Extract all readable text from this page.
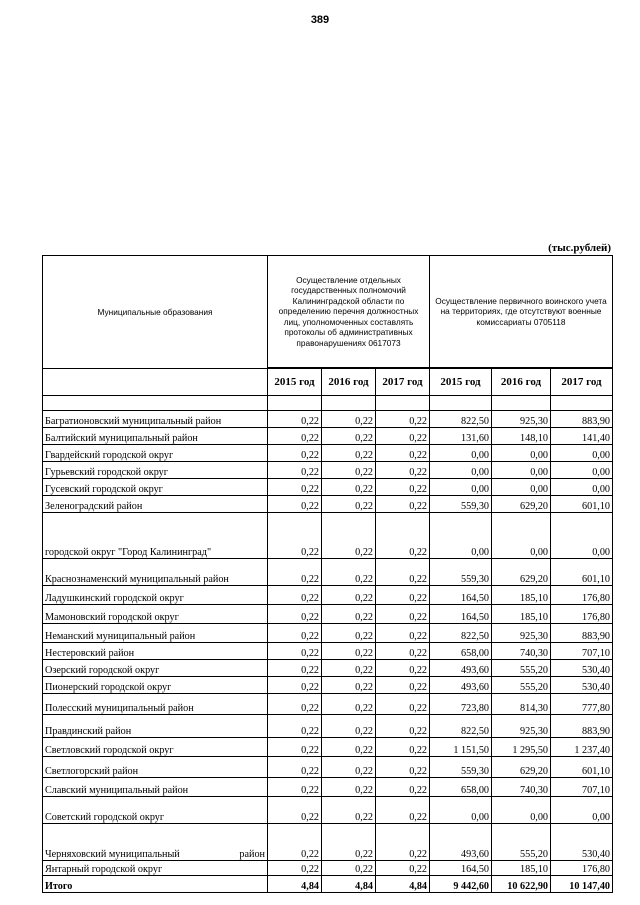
389
(тыс.рублей)
Муниципальные образования	Осуществление отдельных государственных полномочий Калининградской области по определению перечня должностных лиц, уполномоченных составлять протоколы об административных правонарушениях 0617073			Осуществление первичного воинского учета на территориях, где отсутствуют военные комиссариаты 0705118		

	2015 год	2016 год	2017 год	2015 год	2016 год	2017 год

Багратионовский муниципальный район	0,22	0,22	0,22	822,50	925,30	883,90
Балтийский муниципальный район	0,22	0,22	0,22	131,60	148,10	141,40
Гвардейский городской округ	0,22	0,22	0,22	0,00	0,00	0,00
Гурьевский городской округ	0,22	0,22	0,22	0,00	0,00	0,00
Гусевский городской округ	0,22	0,22	0,22	0,00	0,00	0,00
Зеленоградский район	0,22	0,22	0,22	559,30	629,20	601,10
городской округ "Город Калининград"	0,22	0,22	0,22	0,00	0,00	0,00
Краснознаменский муниципальный район	0,22	0,22	0,22	559,30	629,20	601,10
Ладушкинский городской округ	0,22	0,22	0,22	164,50	185,10	176,80
Мамоновский городской округ	0,22	0,22	0,22	164,50	185,10	176,80
Неманский муниципальный район	0,22	0,22	0,22	822,50	925,30	883,90
Нестеровский район	0,22	0,22	0,22	658,00	740,30	707,10
Озерский городской округ	0,22	0,22	0,22	493,60	555,20	530,40
Пионерский городской округ	0,22	0,22	0,22	493,60	555,20	530,40
Полесский муниципальный район	0,22	0,22	0,22	723,80	814,30	777,80
Правдинский район	0,22	0,22	0,22	822,50	925,30	883,90
Светловский городской округ	0,22	0,22	0,22	1 151,50	1 295,50	1 237,40
Светлогорский район	0,22	0,22	0,22	559,30	629,20	601,10
Славский муниципальный район	0,22	0,22	0,22	658,00	740,30	707,10
Советский городской округ	0,22	0,22	0,22	0,00	0,00	0,00

Черняховский муниципальный район	0,22	0,22	0,22	493,60	555,20	530,40
Янтарный городской округ	0,22	0,22	0,22	164,50	185,10	176,80
Итого	4,84	4,84	4,84	9 442,60	10 622,90	10 147,40
